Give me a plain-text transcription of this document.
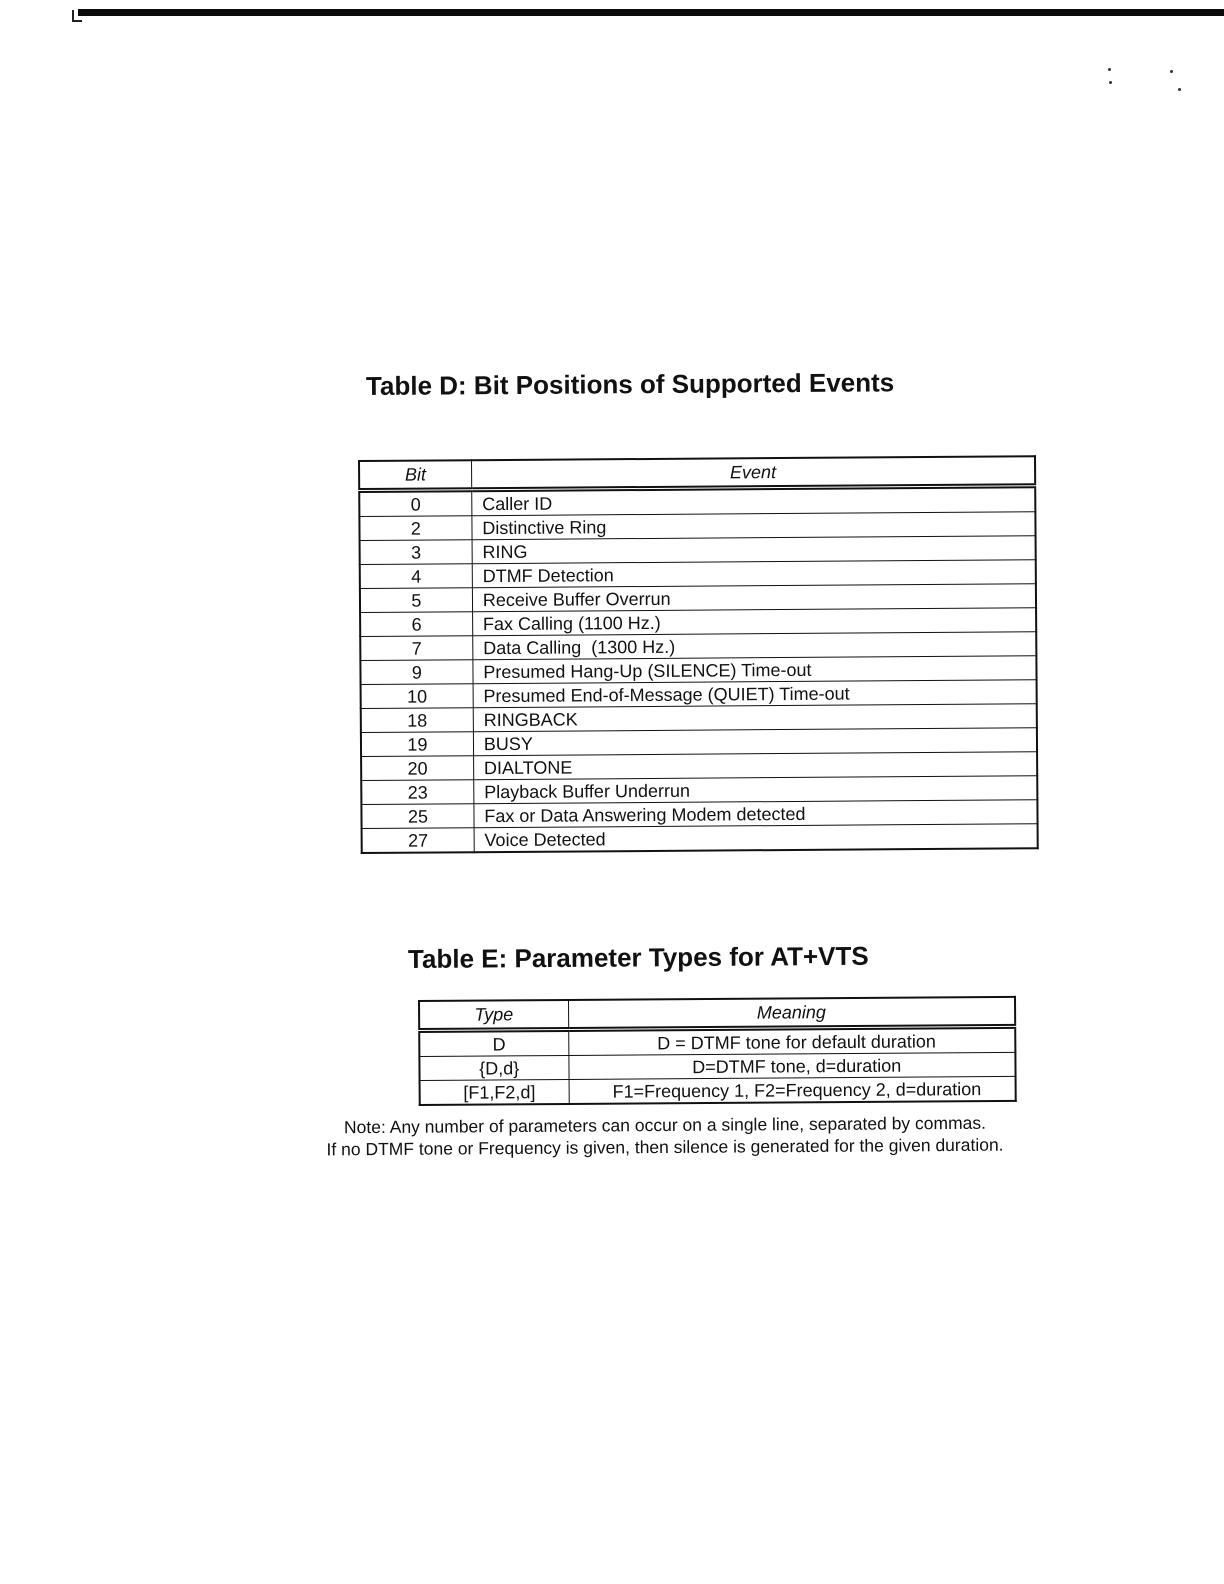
Table D: Bit Positions of Supported Events
Bit	Event
0	Caller ID
2	Distinctive Ring
3	RING
4	DTMF Detection
5	Receive Buffer Overrun
6	Fax Calling (1100 Hz.)
7	Data Calling  (1300 Hz.)
9	Presumed Hang-Up (SILENCE) Time-out
10	Presumed End-of-Message (QUIET) Time-out
18	RINGBACK
19	BUSY
20	DIALTONE
23	Playback Buffer Underrun
25	Fax or Data Answering Modem detected
27	Voice Detected
Table E: Parameter Types for AT+VTS
Type	Meaning
D	D = DTMF tone for default duration
{D,d}	D=DTMF tone, d=duration
[F1,F2,d]	F1=Frequency 1, F2=Frequency 2, d=duration
Note: Any number of parameters can occur on a single line, separated by commas.
If no DTMF tone or Frequency is given, then silence is generated for the given duration.
